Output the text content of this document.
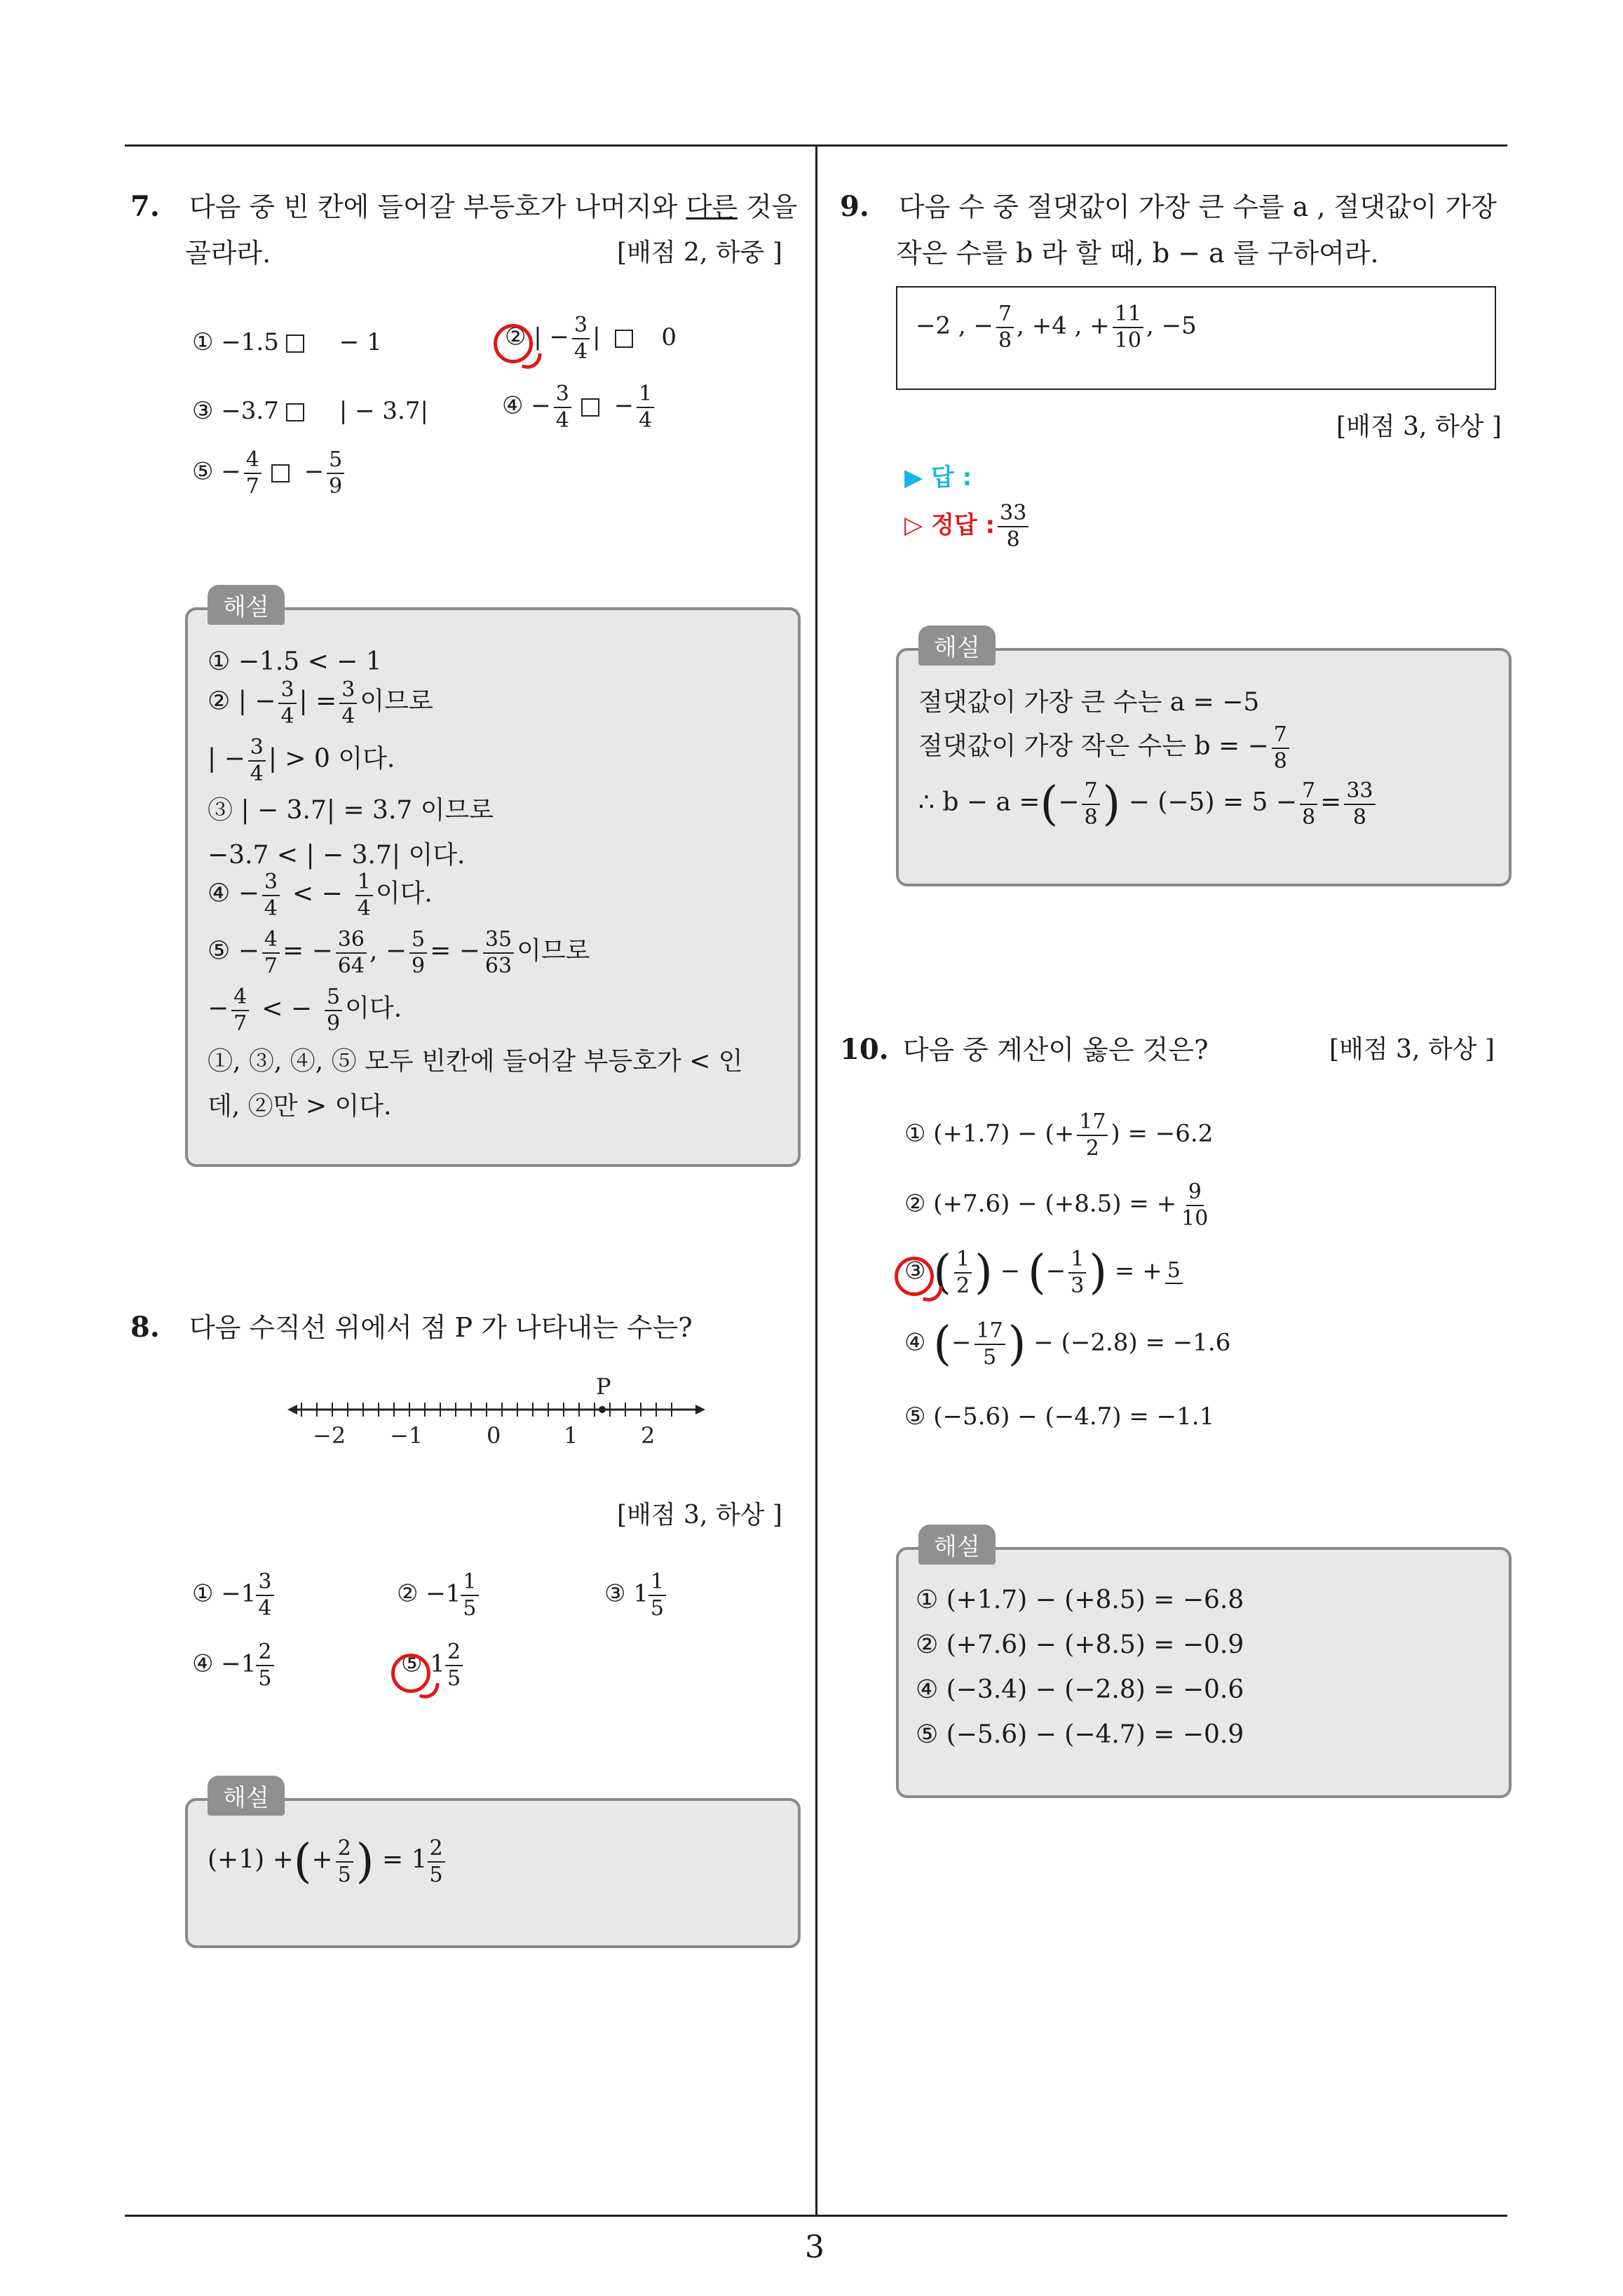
3
7. 다음 중 빈 칸에 들어갈 부등호가 나머지와 다른 것을
골라라.	[배점 2, 하중 ]
① −1.5	− 1	② | − $\frac{3}{4}$ | 0
③ −3.7	| − 3.7|	④ − $\frac{3}{4} - \frac{1}{4}$
⑤ − $\frac{4}{7} - \frac{5}{9}$
해설
① −1.5 < − 1
② | − $\frac{3}{4}$ | = $\frac{3}{4}$ 이므로
| − $\frac{3}{4}$ | > 0 이다.
③ | − 3.7| = 3.7 이므로
−3.7 < | − 3.7| 이다.
④ − $\frac{3}{4}$ < − $\frac{1}{4}$ 이다.
⑤ − $\frac{4}{7}$ = − $\frac{36}{64}$ , − $\frac{5}{9}$ = − $\frac{35}{63}$ 이므로
− $\frac{4}{7}$ < − $\frac{5}{9}$ 이다.
①, ③, ④, ⑤ 모두 빈칸에 들어갈 부등호가 < 인
데, ②만 > 이다.
8. 다음 수직선 위에서 점 P 가 나타내는 수는?
P
−2 −1	0	1	2
[배점 3, 하상 ]
① $-1 \frac{3}{4}$	② $-1 \frac{1}{5}$	③ $1 \frac{1}{5}$
④ $-1 \frac{2}{5}$	⑤ $1 \frac{2}{5}$
해설
(+1) +(+ $\frac{2}{5}$ ) = $1 \frac{2}{5}$
9. 다음 수 중 절댓값이 가장 큰 수를 a , 절댓값이 가장
작은 수를 b 라 할 때, b − a 를 구하여라.
−2 , − $\frac{7}{8}$ , +4 , + $\frac{11}{10}$ , −5
[배점 3, 하상 ]
▶ 답 :
▷ 정답 : $\frac{33}{8}$
해설
절댓값이 가장 큰 수는 a = −5
절댓값이 가장 작은 수는 b = − $\frac{7}{8}$
∴ b − a =(− $\frac{7}{8}$ ) − $(-5) = 5 - \frac{7}{8} = \frac{33}{8}$
10. 다음 중 계산이 옳은 것은?	[배점 3, 하상 ]
① (+1.7) − (+ $\frac{17}{2}$ ) = −6.2
② (+7.6) − (+8.5) = + $\frac{9}{10}$
③ ( $\frac{1}{2}$ ) − (− $\frac{1}{3}$ ) = + 5
④ (− $\frac{17}{5}$ ) − (−2.8) = −1.6
⑤ (−5.6) − (−4.7) = −1.1
해설
① (+1.7) − (+8.5) = −6.8
② (+7.6) − (+8.5) = −0.9
④ (−3.4) − (−2.8) = −0.6
⑤ (−5.6) − (−4.7) = −0.9
